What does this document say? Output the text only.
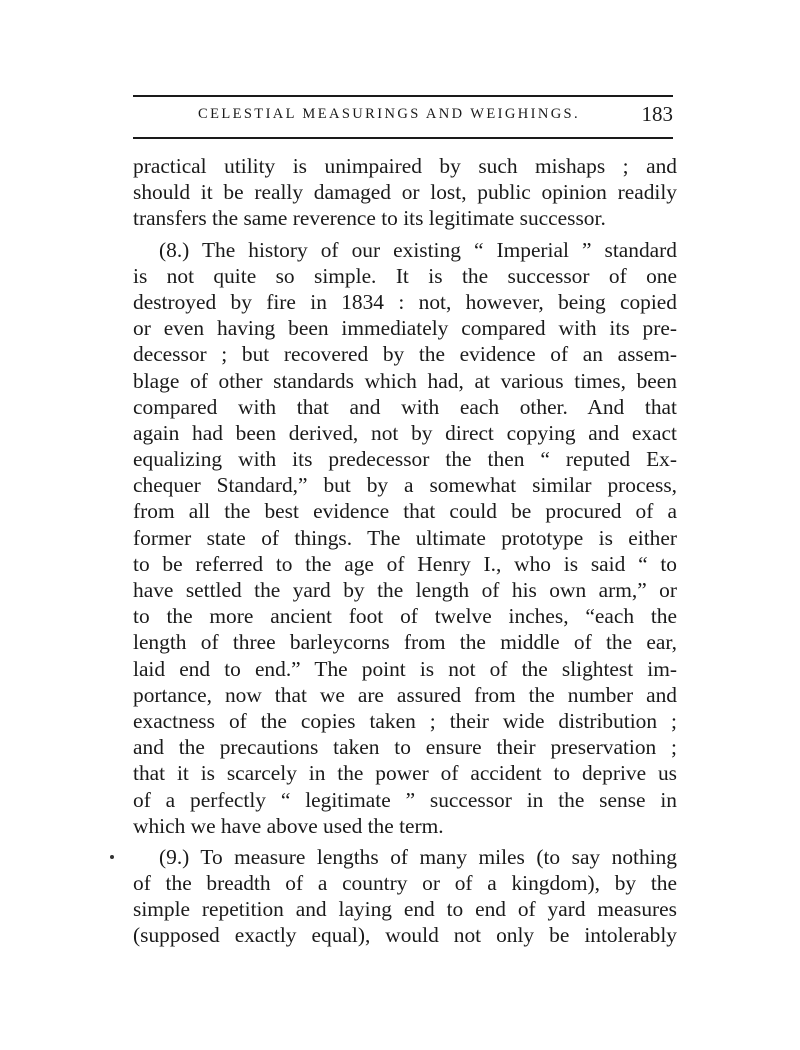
CELESTIAL MEASURINGS AND WEIGHINGS.	183
practical utility is unimpaired by such mishaps ; and
should it be really damaged or lost, public opinion readily
transfers the same reverence to its legitimate successor.
(8.) The history of our existing “ Imperial ” standard
is not quite so simple. It is the successor of one
destroyed by fire in 1834 : not, however, being copied
or even having been immediately compared with its pre-
decessor ; but recovered by the evidence of an assem-
blage of other standards which had, at various times, been
compared with that and with each other. And that
again had been derived, not by direct copying and exact
equalizing with its predecessor the then “ reputed Ex-
chequer Standard,” but by a somewhat similar process,
from all the best evidence that could be procured of a
former state of things. The ultimate prototype is either
to be referred to the age of Henry I., who is said “ to
have settled the yard by the length of his own arm,” or
to the more ancient foot of twelve inches, “each the
length of three barleycorns from the middle of the ear,
laid end to end.” The point is not of the slightest im-
portance, now that we are assured from the number and
exactness of the copies taken ; their wide distribution ;
and the precautions taken to ensure their preservation ;
that it is scarcely in the power of accident to deprive us
of a perfectly “ legitimate ” successor in the sense in
which we have above used the term.
(9.) To measure lengths of many miles (to say nothing
of the breadth of a country or of a kingdom), by the
simple repetition and laying end to end of yard measures
(supposed exactly equal), would not only be intolerably
